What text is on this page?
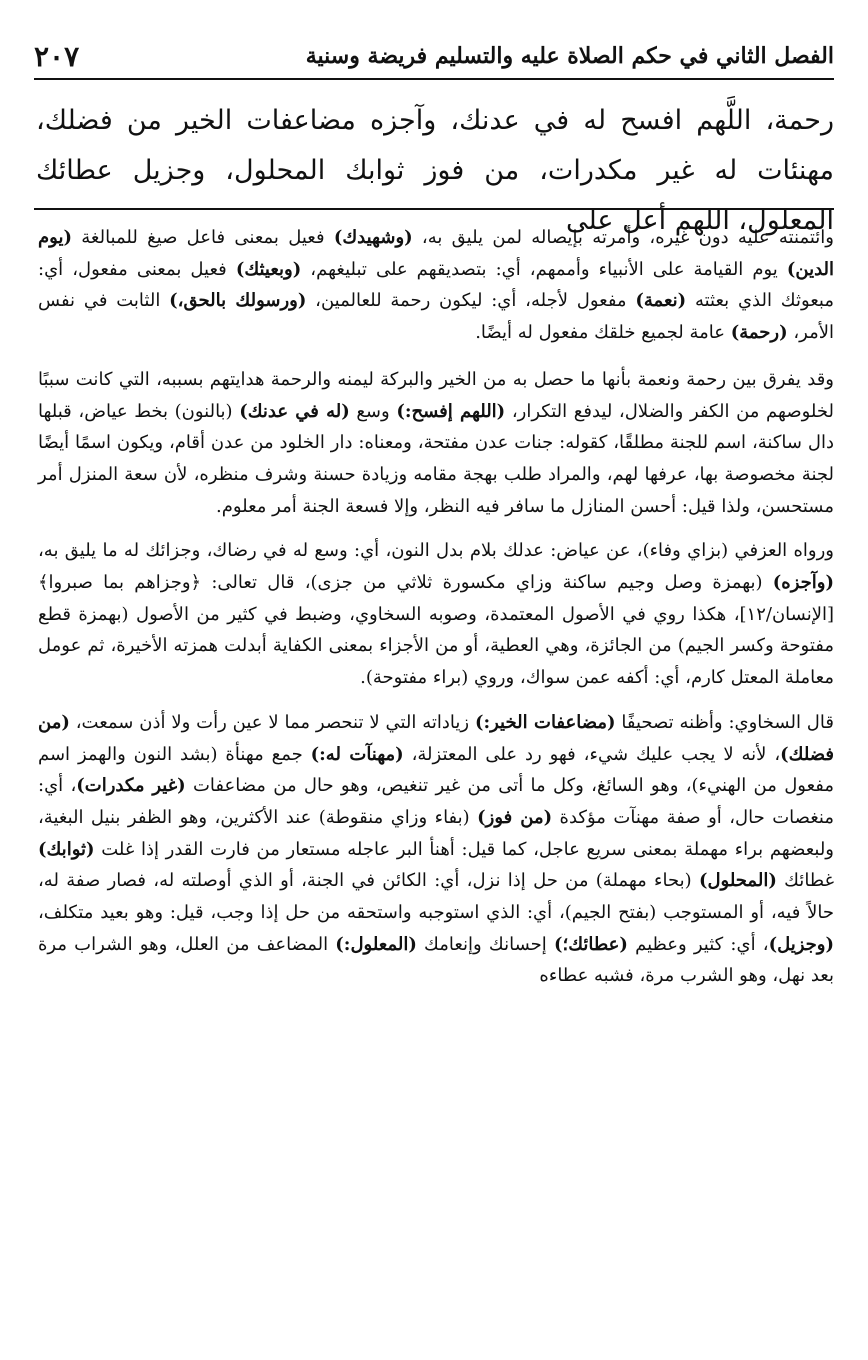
الفصل الثاني في حكم الصلاة عليه والتسليم فريضة وسنية
٢٠٧

رحمة، اللَّهم افسح له في عدنك، وآجزه مضاعفات الخير من فضلك، مهنئات له غير مكدرات، من فوز ثوابك المحلول، وجزيل عطائك المعلول، اللهم أعل على

وائتمنته عليه دون غيره، وأمرته بإيصاله لمن يليق به، (وشهيدك) فعيل بمعنى فاعل صيغ للمبالغة (يوم الدين) يوم القيامة على الأنبياء وأممهم، أي: بتصديقهم على تبليغهم، (وبعيثك) فعيل بمعنى مفعول، أي: مبعوثك الذي بعثته (نعمة) مفعول لأجله، أي: ليكون رحمة للعالمين، (ورسولك بالحق،) الثابت في نفس الأمر، (رحمة) عامة لجميع خلقك مفعول له أيضًا.

وقد يفرق بين رحمة ونعمة بأنها ما حصل به من الخير والبركة ليمنه والرحمة هدايتهم بسببه، التي كانت سببًا لخلوصهم من الكفر والضلال، ليدفع التكرار، (اللهم إفسح:) وسع (له في عدنك) (بالنون) بخط عياض، قبلها دال ساكنة، اسم للجنة مطلقًا، كقوله: جنات عدن مفتحة، ومعناه: دار الخلود من عدن أقام، ويكون اسمًا أيضًا لجنة مخصوصة بها، عرفها لهم، والمراد طلب بهجة مقامه وزيادة حسنة وشرف منظره، لأن سعة المنزل أمر مستحسن، ولذا قيل: أحسن المنازل ما سافر فيه النظر، وإلا فسعة الجنة أمر معلوم.

ورواه العزفي (بزاي وفاء)، عن عياض: عدلك بلام بدل النون، أي: وسع له في رضاك، وجزائك له ما يليق به، (وآجزه) (بهمزة وصل وجيم ساكنة وزاي مكسورة ثلاثي من جزى)، قال تعالى: ﴿وجزاهم بما صبروا﴾ [الإنسان/١٢]، هكذا روي في الأصول المعتمدة، وصوبه السخاوي، وضبط في كثير من الأصول (بهمزة قطع مفتوحة وكسر الجيم) من الجائزة، وهي العطية، أو من الأجزاء بمعنى الكفاية أبدلت همزته الأخيرة، ثم عومل معاملة المعتل كارم، أي: أكفه عمن سواك، وروي (براء مفتوحة).

قال السخاوي: وأظنه تصحيفًا (مضاعفات الخير:) زياداته التي لا تنحصر مما لا عين رأت ولا أذن سمعت، (من فضلك)، لأنه لا يجب عليك شيء، فهو رد على المعتزلة، (مهنآت له:) جمع مهنأة (بشد النون والهمز اسم مفعول من الهنيء)، وهو السائغ، وكل ما أتى من غير تنغيص، وهو حال من مضاعفات (غير مكدرات)، أي: منغصات حال، أو صفة مهنآت مؤكدة (من فوز) (بفاء وزاي منقوطة) عند الأكثرين، وهو الظفر بنيل البغية، ولبعضهم براء مهملة بمعنى سريع عاجل، كما قيل: أهنأ البر عاجله مستعار من فارت القدر إذا غلت (ثوابك) غطائك (المحلول) (بحاء مهملة) من حل إذا نزل، أي: الكائن في الجنة، أو الذي أوصلته له، فصار صفة له، حالاً فيه، أو المستوجب (بفتح الجيم)، أي: الذي استوجبه واستحقه من حل إذا وجب، قيل: وهو بعيد متكلف، (وجزيل)، أي: كثير وعظيم (عطائك؛) إحسانك وإنعامك (المعلول:) المضاعف من العلل، وهو الشراب مرة بعد نهل، وهو الشرب مرة، فشبه عطاءه
